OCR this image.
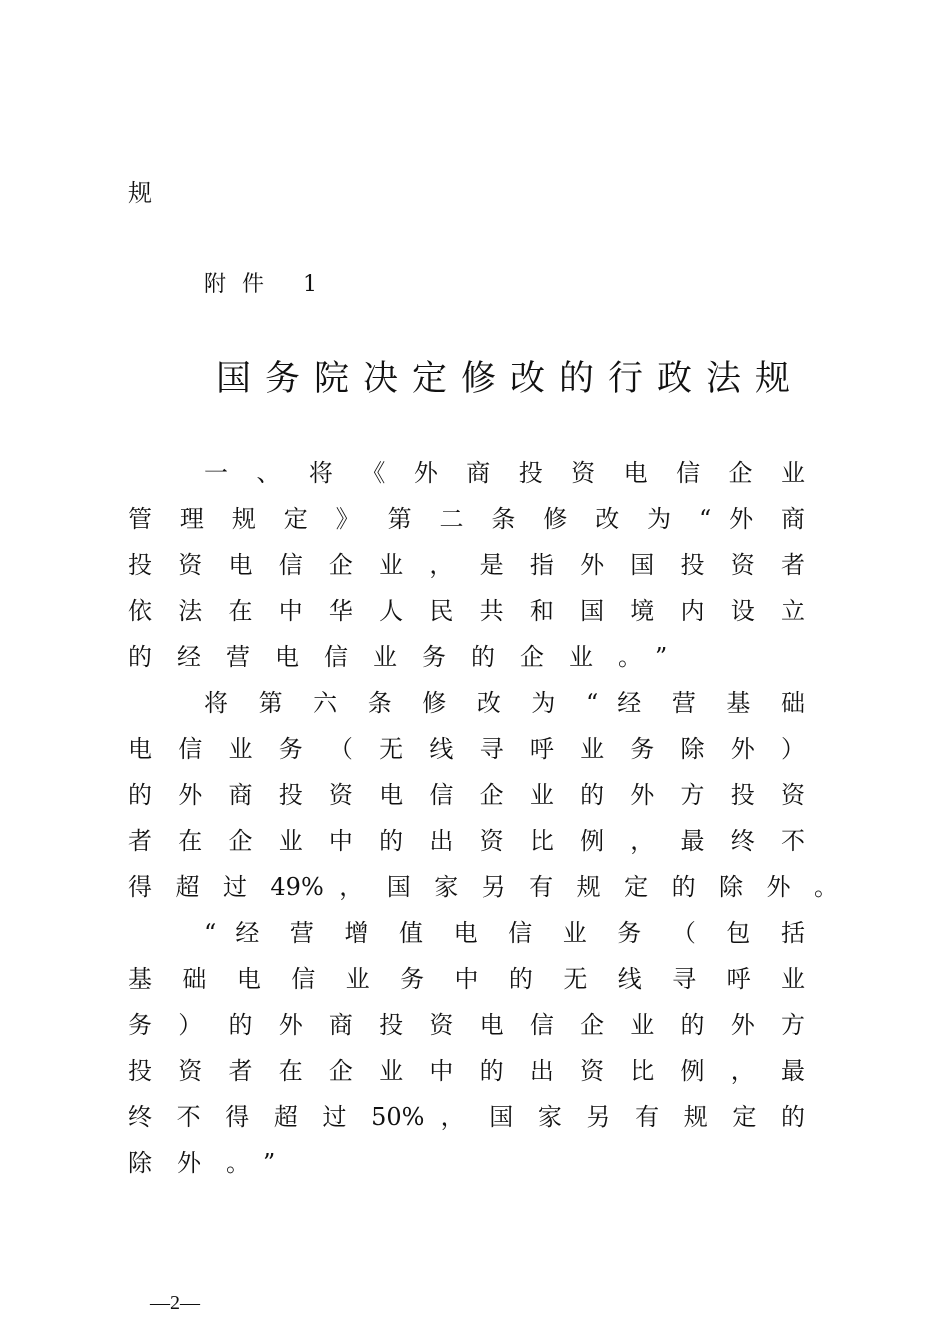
规

附件 1

国务院决定修改的行政法规
一 、 将 《 外 商 投 资 电 信 企 业
管 理 规 定 》 第 二 条 修 改 为 “ 外 商
投 资 电 信 企 业 ， 是 指 外 国 投 资 者
依 法 在 中 华 人 民 共 和 国 境 内 设 立
的经营电信业务的企业。”
将 第 六 条 修 改 为 “ 经 营 基 础
电 信 业 务 （ 无 线 寻 呼 业 务 除 外 ）
的 外 商 投 资 电 信 企 业 的 外 方 投 资
者 在 企 业 中 的 出 资 比 例 ， 最 终 不
得 超 过 49% ， 国 家 另 有 规 定 的 除 外 。
“ 经 营 增 值 电 信 业 务 （ 包 括
基 础 电 信 业 务 中 的 无 线 寻 呼 业
务 ） 的 外 商 投 资 电 信 企 业 的 外 方
投 资 者 在 企 业 中 的 出 资 比 例 ， 最
终 不 得 超 过 50% ， 国 家 另 有 规 定 的
除外。”

—2—
